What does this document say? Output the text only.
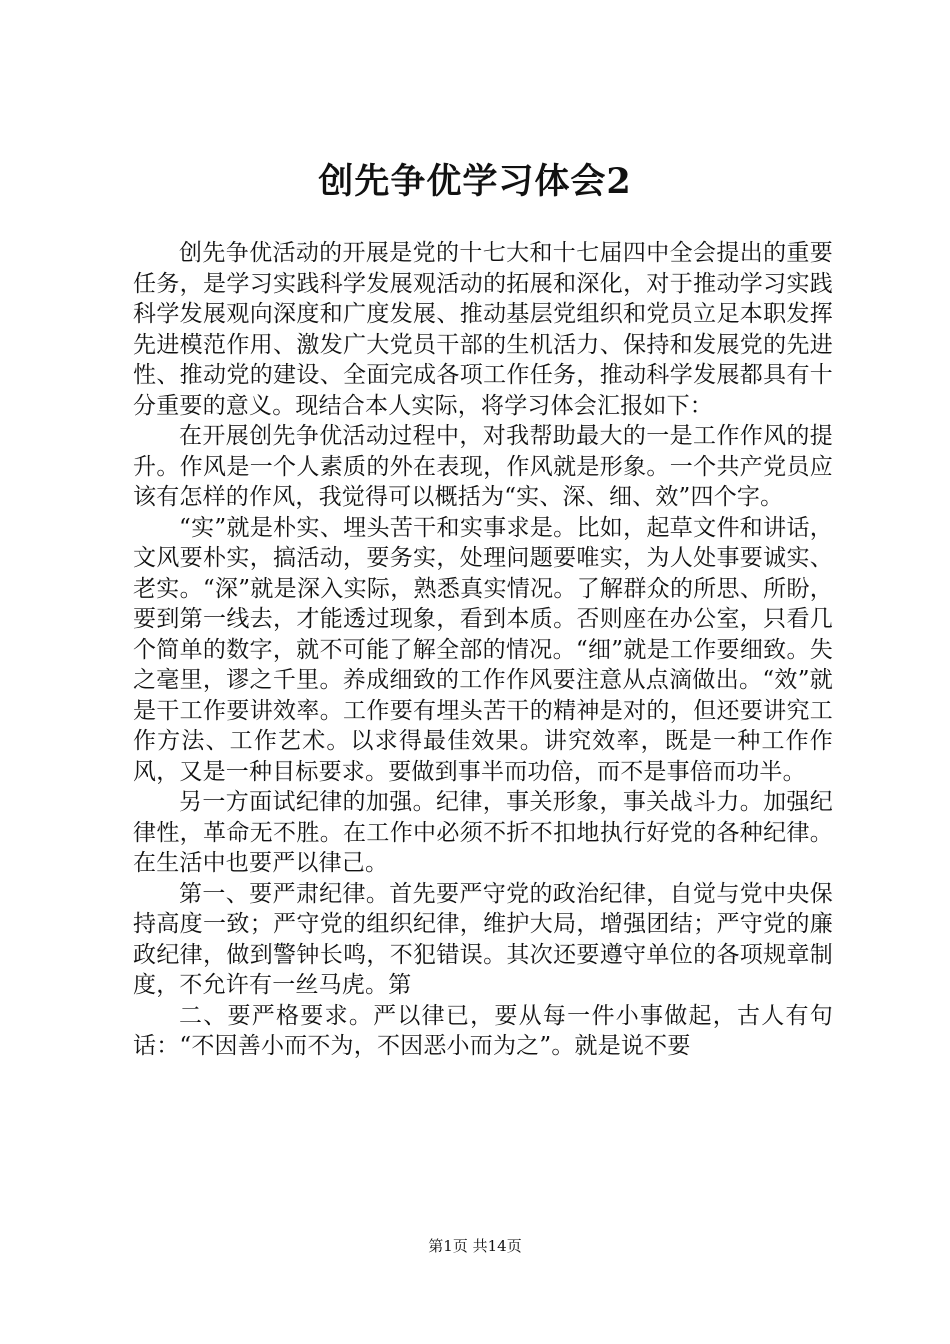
创先争优学习体会2

创先争优活动的开展是党的十七大和十七届四中全会提出的重要任务，是学习实践科学发展观活动的拓展和深化，对于推动学习实践科学发展观向深度和广度发展、推动基层党组织和党员立足本职发挥先进模范作用、激发广大党员干部的生机活力、保持和发展党的先进性、推动党的建设、全面完成各项工作任务，推动科学发展都具有十分重要的意义。现结合本人实际，将学习体会汇报如下：

在开展创先争优活动过程中，对我帮助最大的一是工作作风的提升。作风是一个人素质的外在表现，作风就是形象。一个共产党员应该有怎样的作风，我觉得可以概括为“实、深、细、效”四个字。

“实”就是朴实、埋头苦干和实事求是。比如，起草文件和讲话，文风要朴实，搞活动，要务实，处理问题要唯实，为人处事要诚实、老实。“深”就是深入实际，熟悉真实情况。了解群众的所思、所盼，要到第一线去，才能透过现象，看到本质。否则座在办公室，只看几个简单的数字，就不可能了解全部的情况。“细”就是工作要细致。失之毫里，谬之千里。养成细致的工作作风要注意从点滴做出。“效”就是干工作要讲效率。工作要有埋头苦干的精神是对的，但还要讲究工作方法、工作艺术。以求得最佳效果。讲究效率，既是一种工作作风，又是一种目标要求。要做到事半而功倍，而不是事倍而功半。

另一方面试纪律的加强。纪律，事关形象，事关战斗力。加强纪律性，革命无不胜。在工作中必须不折不扣地执行好党的各种纪律。在生活中也要严以律己。

第一、要严肃纪律。首先要严守党的政治纪律，自觉与党中央保持高度一致；严守党的组织纪律，维护大局，增强团结；严守党的廉政纪律，做到警钟长鸣，不犯错误。其次还要遵守单位的各项规章制度，不允许有一丝马虎。第

二、要严格要求。严以律已，要从每一件小事做起，古人有句话：“不因善小而不为，不因恶小而为之”。就是说不要

第1页 共14页
